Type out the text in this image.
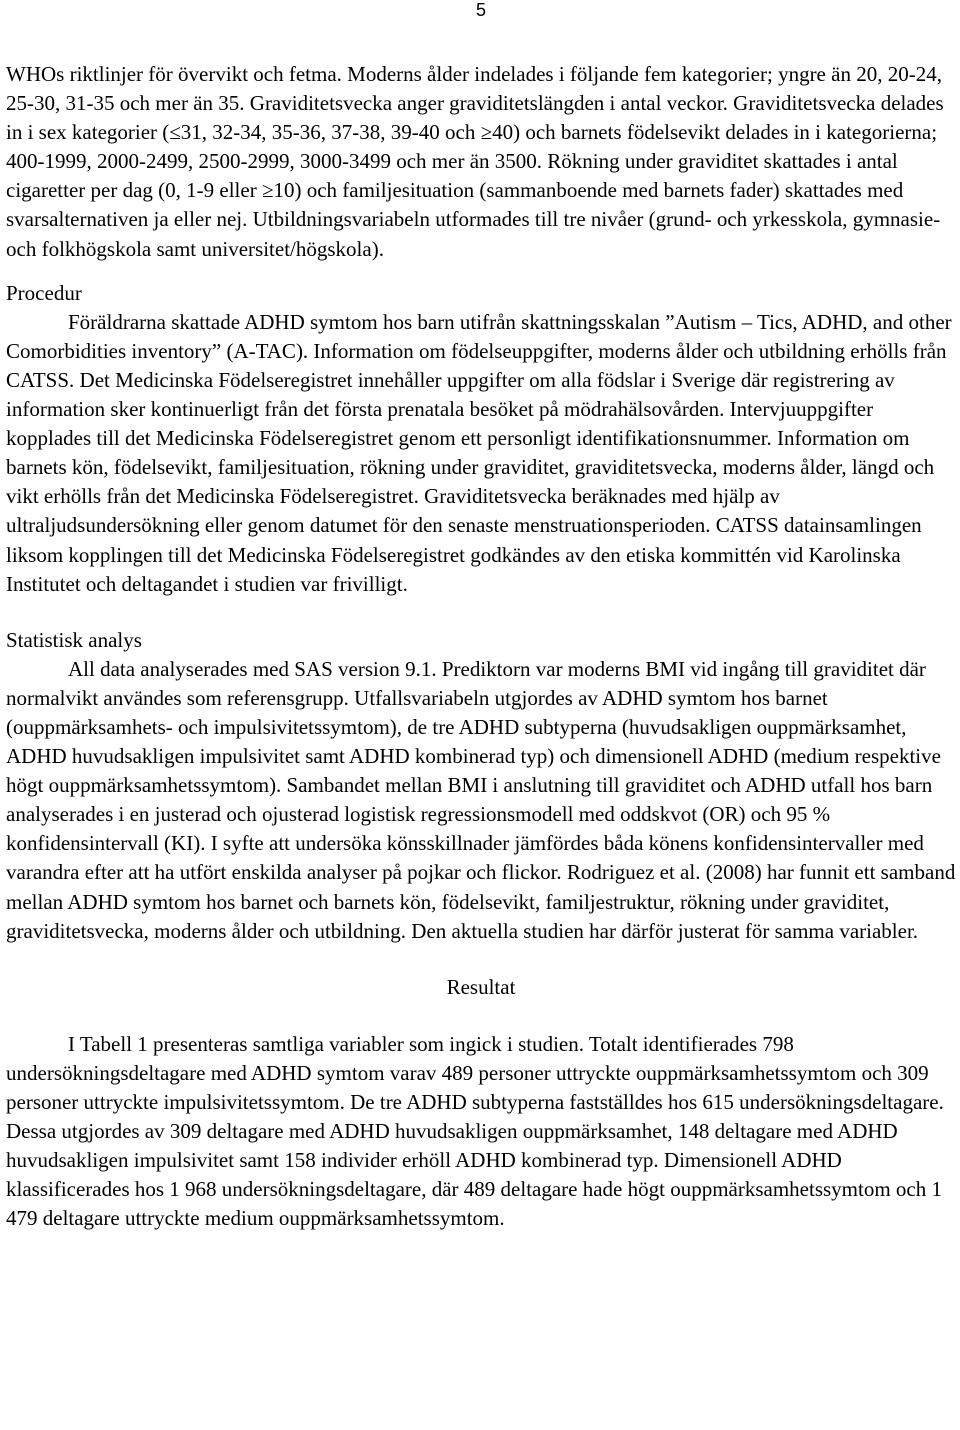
5

WHOs riktlinjer för övervikt och fetma. Moderns ålder indelades i följande fem kategorier; yngre än 20, 20-24, 25-30, 31-35 och mer än 35. Graviditetsvecka anger graviditetslängden i antal veckor. Graviditetsvecka delades in i sex kategorier (≤31, 32-34, 35-36, 37-38, 39-40 och ≥40) och barnets födelsevikt delades in i kategorierna; 400-1999, 2000-2499, 2500-2999, 3000-3499 och mer än 3500. Rökning under graviditet skattades i antal cigaretter per dag (0, 1-9 eller ≥10) och familjesituation (sammanboende med barnets fader) skattades med svarsalternativen ja eller nej. Utbildningsvariabeln utformades till tre nivåer (grund- och yrkesskola, gymnasie- och folkhögskola samt universitet/högskola).

Procedur

Föräldrarna skattade ADHD symtom hos barn utifrån skattningsskalan ”Autism – Tics, ADHD, and other Comorbidities inventory” (A-TAC). Information om födelseuppgifter, moderns ålder och utbildning erhölls från CATSS. Det Medicinska Födelseregistret innehåller uppgifter om alla födslar i Sverige där registrering av information sker kontinuerligt från det första prenatala besöket på mödrahälsovården. Intervjuuppgifter kopplades till det Medicinska Födelseregistret genom ett personligt identifikationsnummer. Information om barnets kön, födelsevikt, familjesituation, rökning under graviditet, graviditetsvecka, moderns ålder, längd och vikt erhölls från det Medicinska Födelseregistret. Graviditetsvecka beräknades med hjälp av ultraljudsundersökning eller genom datumet för den senaste menstruationsperioden. CATSS datainsamlingen liksom kopplingen till det Medicinska Födelseregistret godkändes av den etiska kommittén vid Karolinska Institutet och deltagandet i studien var frivilligt.

Statistisk analys

All data analyserades med SAS version 9.1. Prediktorn var moderns BMI vid ingång till graviditet där normalvikt användes som referensgrupp. Utfallsvariabeln utgjordes av ADHD symtom hos barnet (ouppmärksamhets- och impulsivitetssymtom), de tre ADHD subtyperna (huvudsakligen ouppmärksamhet, ADHD huvudsakligen impulsivitet samt ADHD kombinerad typ) och dimensionell ADHD (medium respektive högt ouppmärksamhetssymtom). Sambandet mellan BMI i anslutning till graviditet och ADHD utfall hos barn analyserades i en justerad och ojusterad logistisk regressionsmodell med oddskvot (OR) och 95 % konfidensintervall (KI). I syfte att undersöka könsskillnader jämfördes båda könens konfidensintervaller med varandra efter att ha utfört enskilda analyser på pojkar och flickor. Rodriguez et al. (2008) har funnit ett samband mellan ADHD symtom hos barnet och barnets kön, födelsevikt, familjestruktur, rökning under graviditet, graviditetsvecka, moderns ålder och utbildning. Den aktuella studien har därför justerat för samma variabler.

Resultat

I Tabell 1 presenteras samtliga variabler som ingick i studien. Totalt identifierades 798 undersökningsdeltagare med ADHD symtom varav 489 personer uttryckte ouppmärksamhetssymtom och 309 personer uttryckte impulsivitetssymtom. De tre ADHD subtyperna fastställdes hos 615 undersökningsdeltagare. Dessa utgjordes av 309 deltagare med ADHD huvudsakligen ouppmärksamhet, 148 deltagare med ADHD huvudsakligen impulsivitet samt 158 individer erhöll ADHD kombinerad typ. Dimensionell ADHD klassificerades hos 1 968 undersökningsdeltagare, där 489 deltagare hade högt ouppmärksamhetssymtom och 1 479 deltagare uttryckte medium ouppmärksamhetssymtom.
